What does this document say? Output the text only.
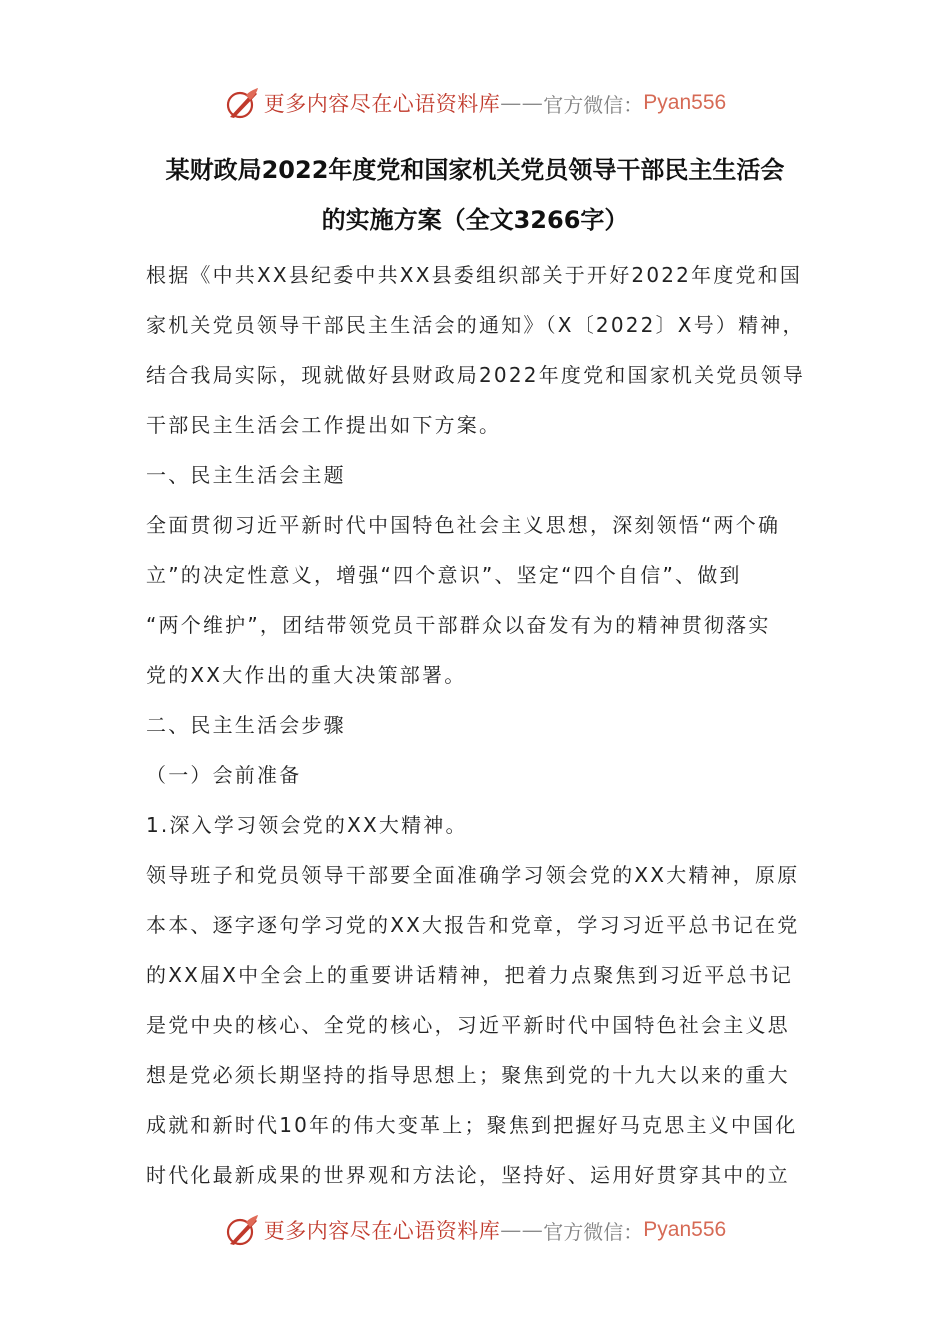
更多内容尽在心语资料库 —— 官方微信： Pyan556
某财政局2022年度党和国家机关党员领导干部民主生活会
的实施方案（全文3266字）
根据《中共XX县纪委中共XX县委组织部关于开好2022年度党和国
家机关党员领导干部民主生活会的通知》（X〔2022〕X号）精神，
结合我局实际，现就做好县财政局2022年度党和国家机关党员领导
干部民主生活会工作提出如下方案。
一、民主生活会主题
全面贯彻习近平新时代中国特色社会主义思想，深刻领悟“两个确
立”的决定性意义，增强“四个意识”、坚定“四个自信”、做到
“两个维护”，团结带领党员干部群众以奋发有为的精神贯彻落实
党的XX大作出的重大决策部署。
二、民主生活会步骤
（一）会前准备
1.深入学习领会党的XX大精神。
领导班子和党员领导干部要全面准确学习领会党的XX大精神，原原
本本、逐字逐句学习党的XX大报告和党章，学习习近平总书记在党
的XX届X中全会上的重要讲话精神，把着力点聚焦到习近平总书记
是党中央的核心、全党的核心，习近平新时代中国特色社会主义思
想是党必须长期坚持的指导思想上；聚焦到党的十九大以来的重大
成就和新时代10年的伟大变革上；聚焦到把握好马克思主义中国化
时代化最新成果的世界观和方法论，坚持好、运用好贯穿其中的立
更多内容尽在心语资料库 —— 官方微信： Pyan556
